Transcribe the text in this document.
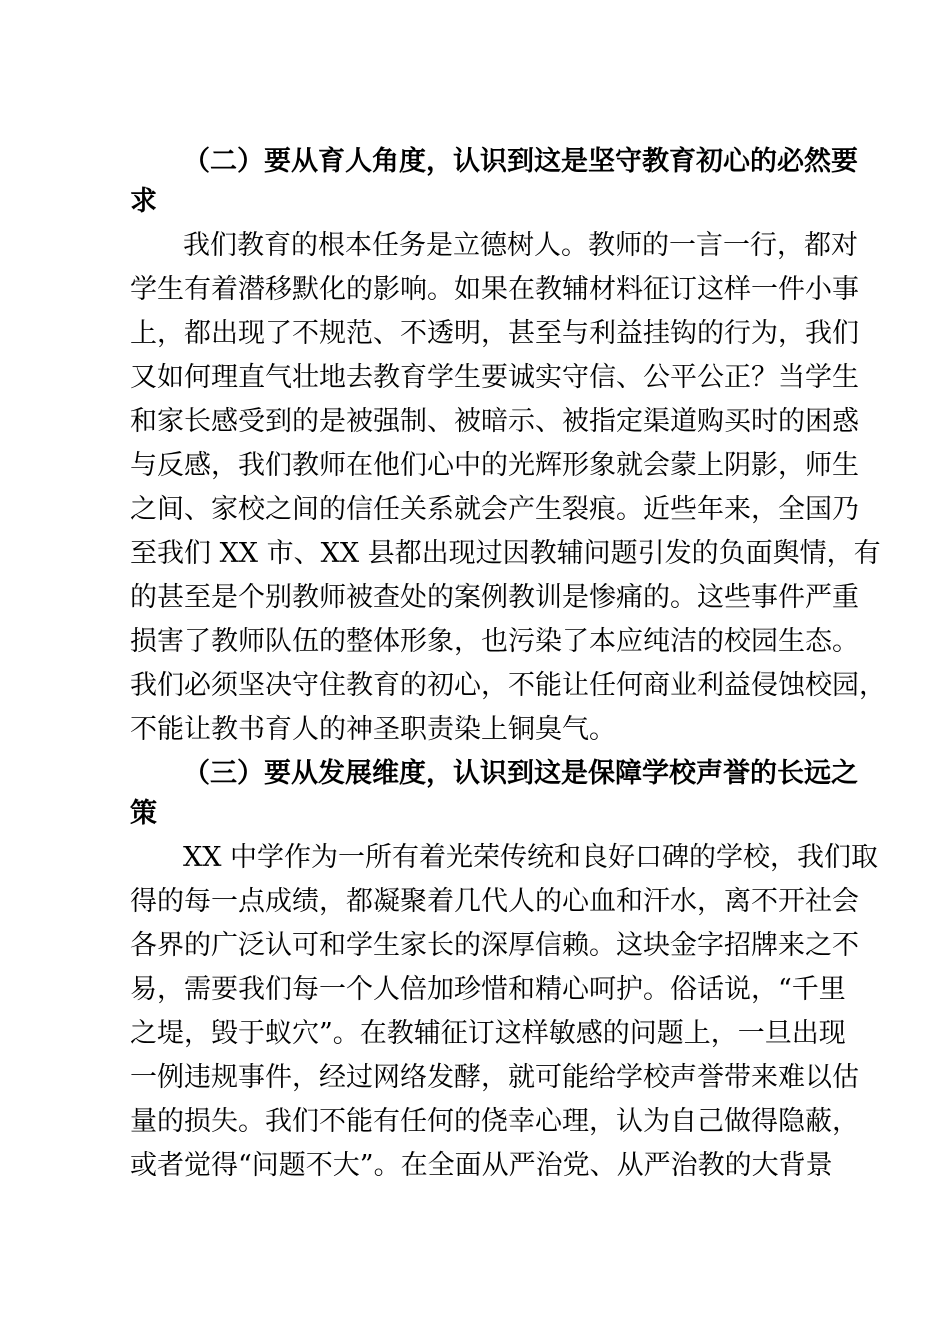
（二）要从育人角度，认识到这是坚守教育初心的必然要
求
我们教育的根本任务是立德树人。教师的一言一行，都对
学生有着潜移默化的影响。如果在教辅材料征订这样一件小事
上，都出现了不规范、不透明，甚至与利益挂钩的行为，我们
又如何理直气壮地去教育学生要诚实守信、公平公正？当学生
和家长感受到的是被强制、被暗示、被指定渠道购买时的困惑
与反感，我们教师在他们心中的光辉形象就会蒙上阴影，师生
之间、家校之间的信任关系就会产生裂痕。近些年来，全国乃
至我们 XX 市、XX 县都出现过因教辅问题引发的负面舆情，有
的甚至是个别教师被查处的案例教训是惨痛的。这些事件严重
损害了教师队伍的整体形象，也污染了本应纯洁的校园生态。
我们必须坚决守住教育的初心，不能让任何商业利益侵蚀校园，
不能让教书育人的神圣职责染上铜臭气。
（三）要从发展维度，认识到这是保障学校声誉的长远之
策
XX 中学作为一所有着光荣传统和良好口碑的学校，我们取
得的每一点成绩，都凝聚着几代人的心血和汗水，离不开社会
各界的广泛认可和学生家长的深厚信赖。这块金字招牌来之不
易，需要我们每一个人倍加珍惜和精心呵护。俗话说，“千里
之堤，毁于蚁穴”。在教辅征订这样敏感的问题上，一旦出现
一例违规事件，经过网络发酵，就可能给学校声誉带来难以估
量的损失。我们不能有任何的侥幸心理，认为自己做得隐蔽，
或者觉得“问题不大”。在全面从严治党、从严治教的大背景
